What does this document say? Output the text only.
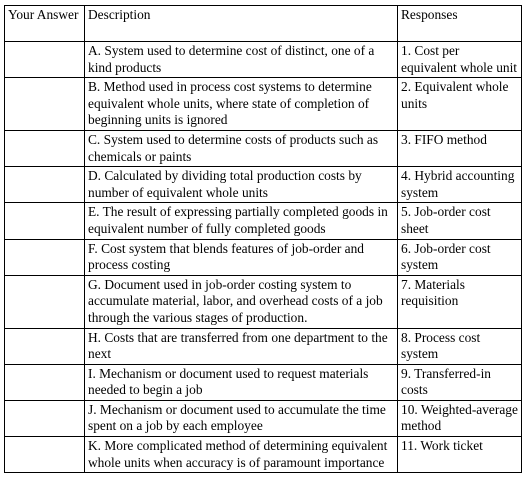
Your Answer	Description	Responses

	A. System used to determine cost of distinct, one of a kind products	1. Cost per equivalent whole unit

	B. Method used in process cost systems to determine equivalent whole units, where state of completion of beginning units is ignored	2. Equivalent whole units

	C. System used to determine costs of products such as chemicals or paints	3. FIFO method

	D. Calculated by dividing total production costs by number of equivalent whole units	4. Hybrid accounting system

	E. The result of expressing partially completed goods in equivalent number of fully completed goods	5. Job-order cost sheet

	F. Cost system that blends features of job-order and process costing	6. Job-order cost system

	G. Document used in job-order costing system to accumulate material, labor, and overhead costs of a job through the various stages of production.	7. Materials requisition

	H. Costs that are transferred from one department to the next	8. Process cost system

	I. Mechanism or document used to request materials needed to begin a job	9. Transferred-in costs

	J. Mechanism or document used to accumulate the time spent on a job by each employee	10. Weighted-average method

	K. More complicated method of determining equivalent whole units when accuracy is of paramount importance	11. Work ticket
